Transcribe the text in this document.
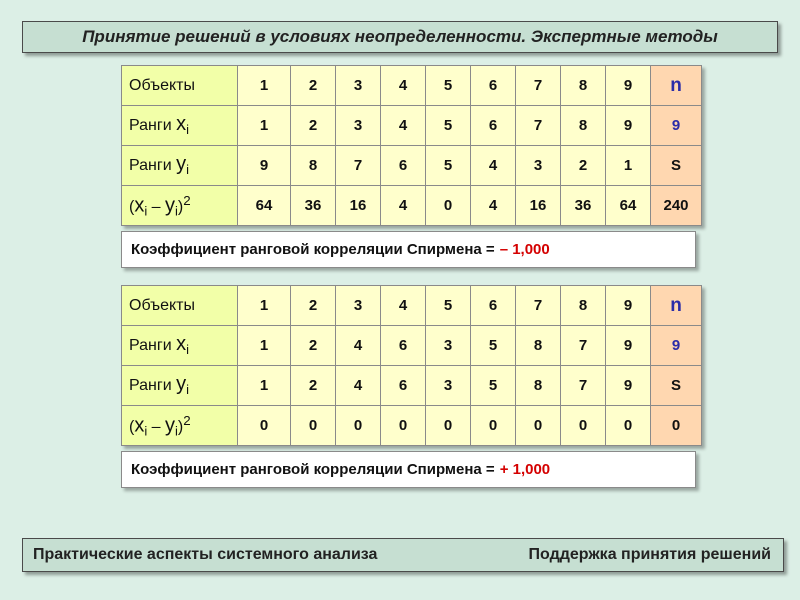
Принятие решений в условиях неопределенности. Экспертные методы
Объекты	1	2	3	4	5	6	7	8	9	n
Ранги $x_i$	1	2	3	4	5	6	7	8	9	9
Ранги $y_i$	9	8	7	6	5	4	3	2	1	S
$(x_i - y_i)^2$	64	36	16	4	0	4	16	36	64	240
Коэффициент ранговой корреляции Спирмена = – 1,000
Объекты	1	2	3	4	5	6	7	8	9	n
Ранги $x_i$	1	2	4	6	3	5	8	7	9	9
Ранги $y_i$	1	2	4	6	3	5	8	7	9	S
$(x_i - y_i)^2$	0	0	0	0	0	0	0	0	0	0
Коэффициент ранговой корреляции Спирмена = + 1,000
Практические аспекты системного анализа	Поддержка принятия решений
